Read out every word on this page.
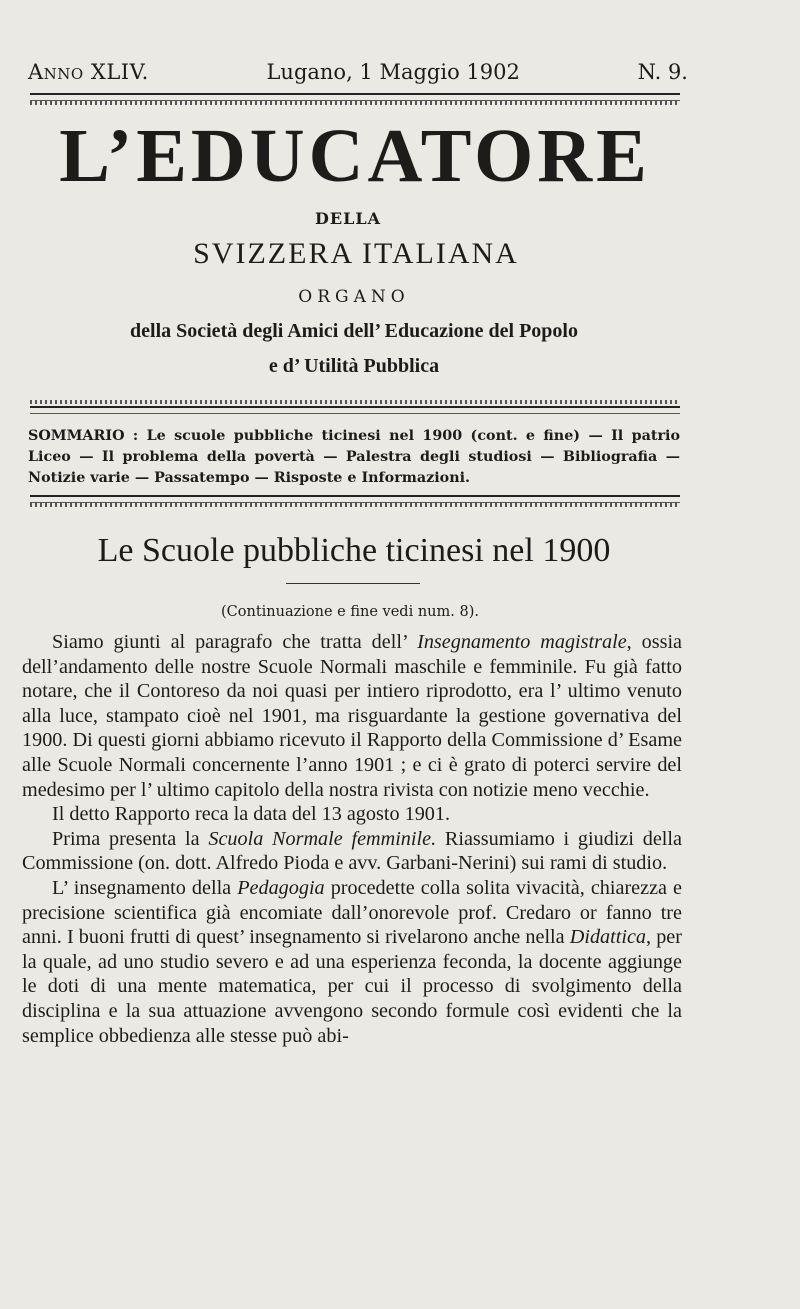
Anno XLIV.	Lugano, 1 Maggio 1902	N. 9.
L’EDUCATORE
DELLA
SVIZZERA ITALIANA
ORGANO
della Società degli Amici dell’ Educazione del Popolo
e d’ Utilità Pubblica
SOMMARIO : Le scuole pubbliche ticinesi nel 1900 (cont. e fine) — Il patrio Liceo — Il problema della povertà — Palestra degli studiosi — Bibliografia — Notizie varie — Passatempo — Risposte e Informazioni.
Le Scuole pubbliche ticinesi nel 1900
(Continuazione e fine vedi num. 8).

Siamo giunti al paragrafo che tratta dell’ Insegnamento magistrale, ossia dell’andamento delle nostre Scuole Normali maschile e femminile. Fu già fatto notare, che il Contoreso da noi quasi per intiero riprodotto, era l’ ultimo venuto alla luce, stampato cioè nel 1901, ma risguardante la gestione governativa del 1900. Di questi giorni abbiamo ricevuto il Rapporto della Commissione d’ Esame alle Scuole Normali concernente l’anno 1901 ; e ci è grato di poterci servire del medesimo per l’ ultimo capitolo della nostra rivista con notizie meno vecchie.

Il detto Rapporto reca la data del 13 agosto 1901.

Prima presenta la Scuola Normale femminile. Riassumiamo i giudizi della Commissione (on. dott. Alfredo Pioda e avv. Garbani-Nerini) sui rami di studio.

L’ insegnamento della Pedagogia procedette colla solita vivacità, chiarezza e precisione scientifica già encomiate dall’onorevole prof. Credaro or fanno tre anni. I buoni frutti di quest’ insegnamento si rivelarono anche nella Didattica, per la quale, ad uno studio severo e ad una esperienza feconda, la docente aggiunge le doti di una mente matematica, per cui il processo di svolgimento della disciplina e la sua attuazione avvengono secondo formule così evidenti che la semplice obbedienza alle stesse può abi-
